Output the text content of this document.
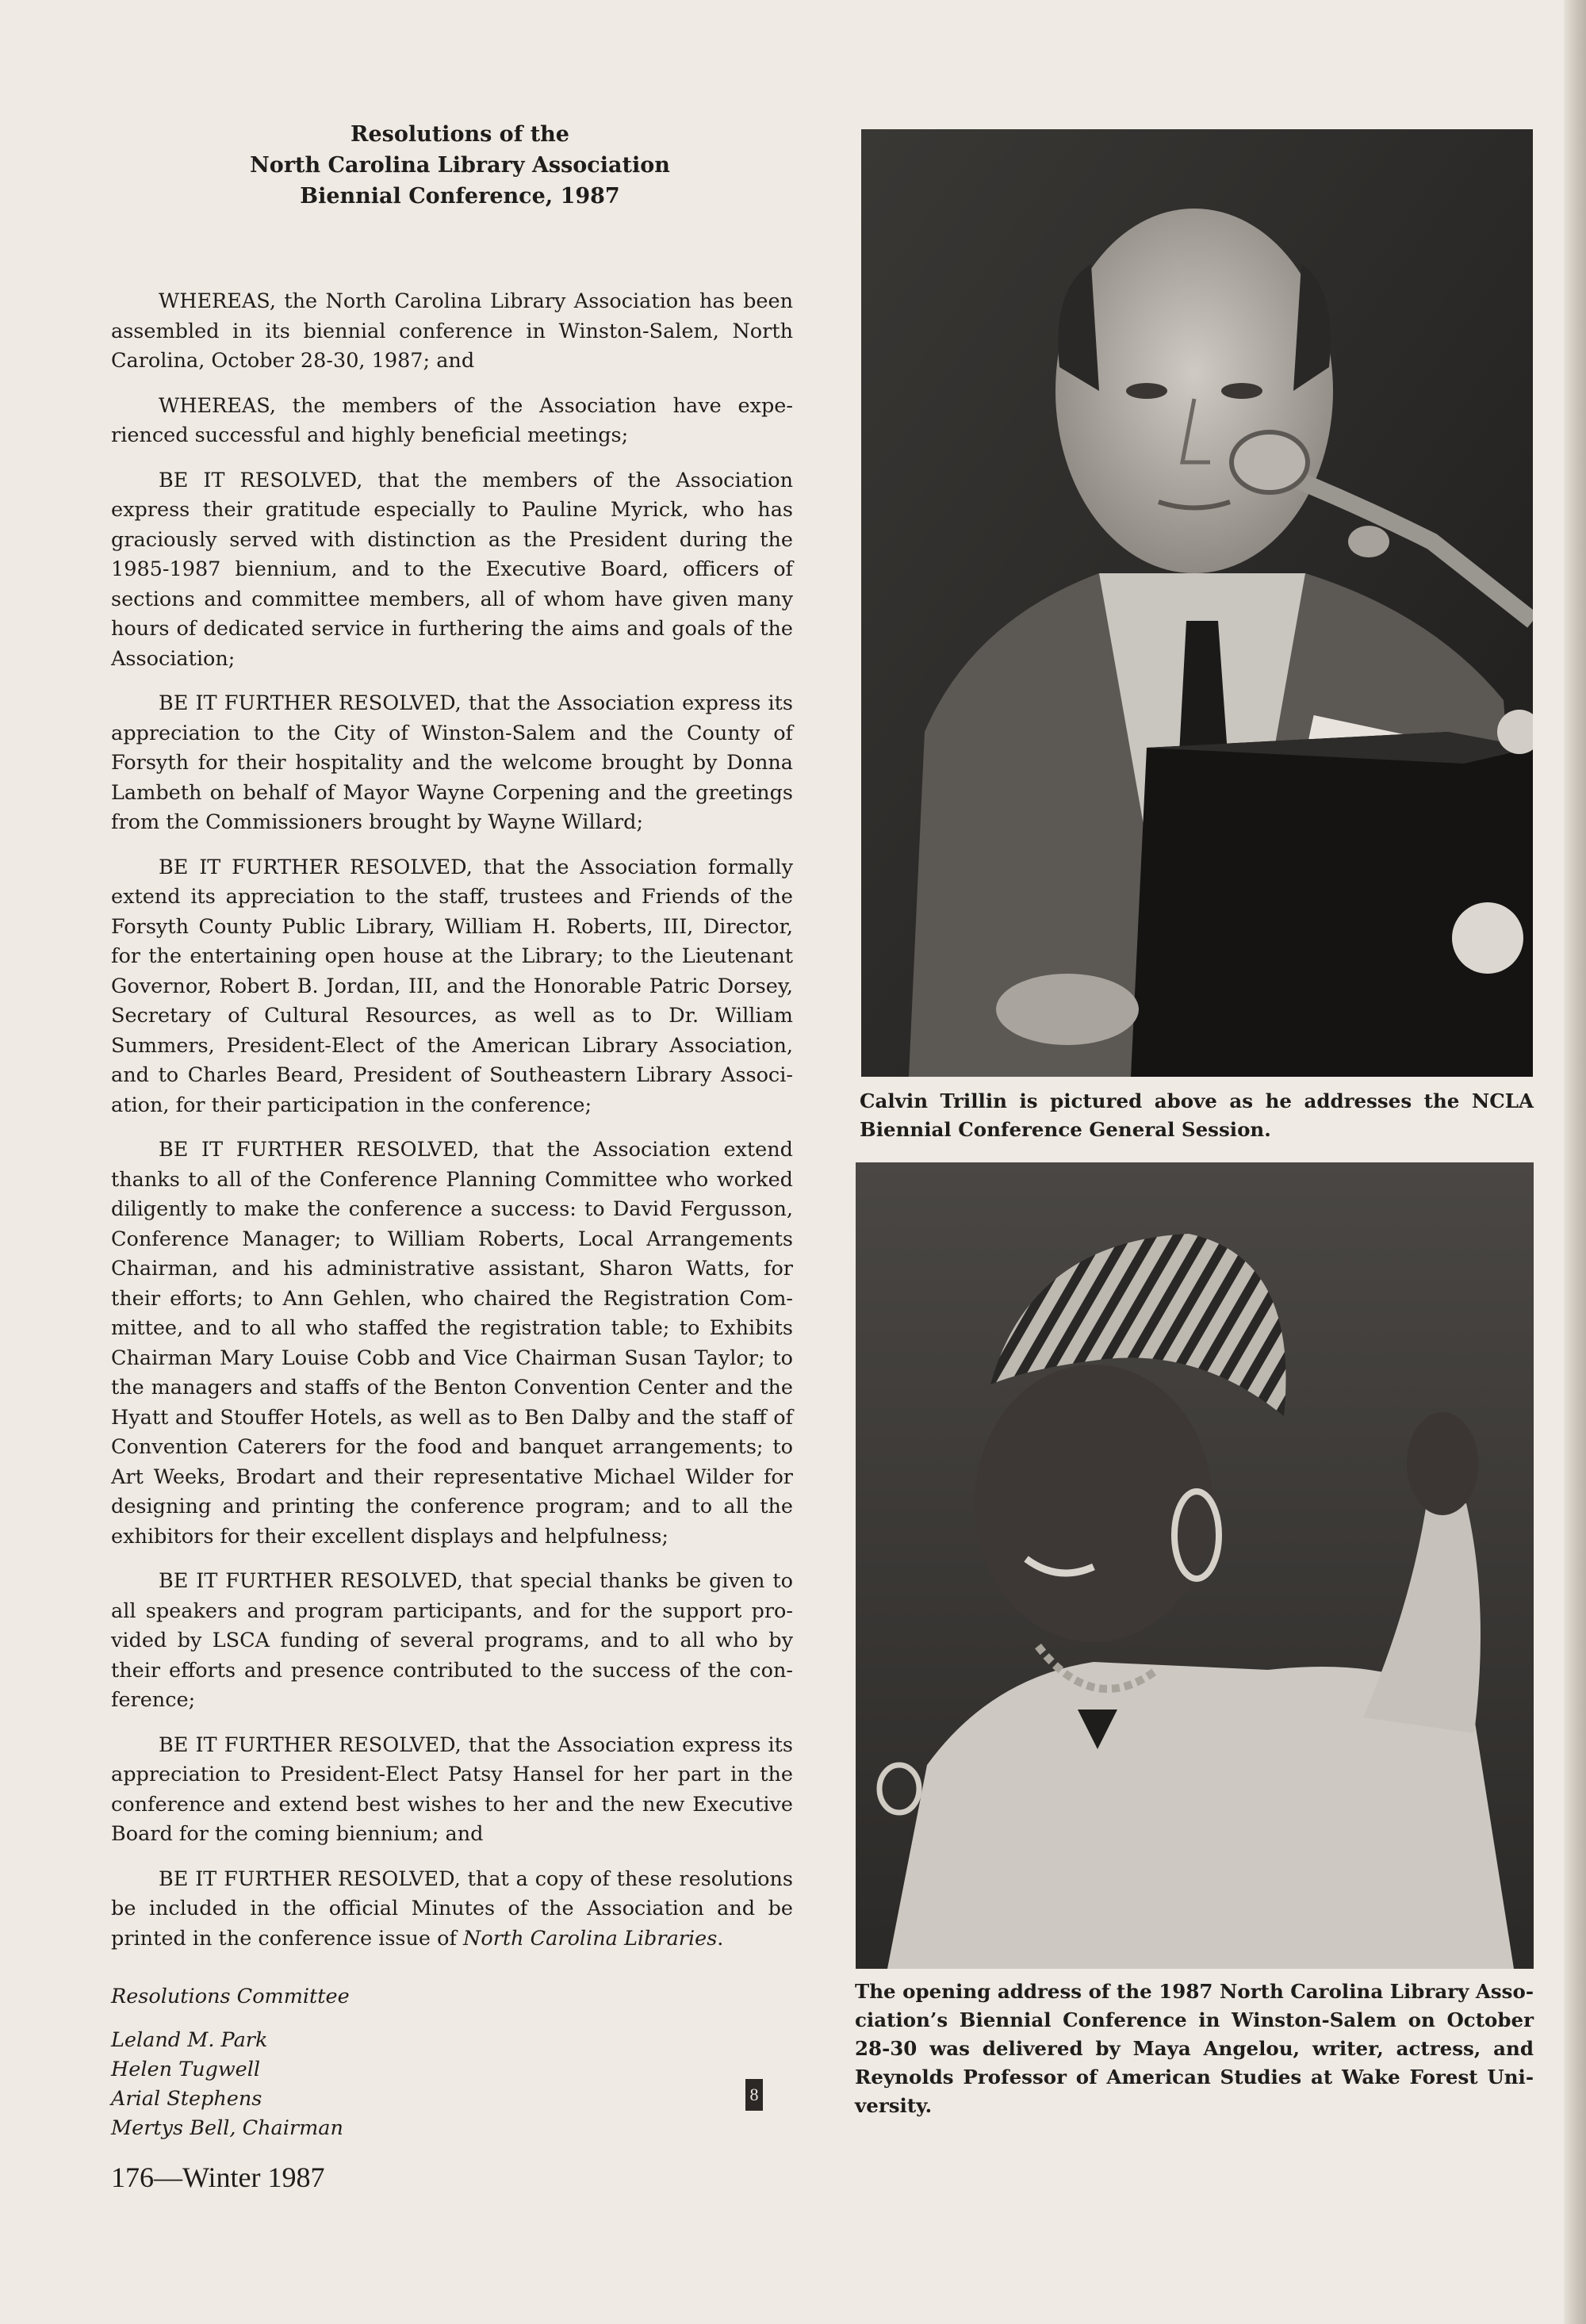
Resolutions of the
North Carolina Library Association
Biennial Conference, 1987

WHEREAS, the North Carolina Library Association has been assembled in its biennial conference in Winston-Salem, North Carolina, October 28-30, 1987; and

WHEREAS, the members of the Association have experienced successful and highly beneficial meetings;

BE IT RESOLVED, that the members of the Association express their gratitude especially to Pauline Myrick, who has graciously served with distinction as the President during the 1985-1987 biennium, and to the Executive Board, officers of sections and committee members, all of whom have given many hours of dedicated service in furthering the aims and goals of the Association;

BE IT FURTHER RESOLVED, that the Association express its appreciation to the City of Winston-Salem and the County of Forsyth for their hospitality and the welcome brought by Donna Lambeth on behalf of Mayor Wayne Corpening and the greetings from the Commissioners brought by Wayne Willard;

BE IT FURTHER RESOLVED, that the Association formally extend its appreciation to the staff, trustees and Friends of the Forsyth County Public Library, William H. Roberts, III, Director, for the entertaining open house at the Library; to the Lieutenant Governor, Robert B. Jordan, III, and the Honorable Patric Dorsey, Secretary of Cultural Resources, as well as to Dr. William Summers, President-Elect of the American Library Association, and to Charles Beard, President of Southeastern Library Association, for their participation in the conference;

BE IT FURTHER RESOLVED, that the Association extend thanks to all of the Conference Planning Committee who worked diligently to make the conference a success: to David Fergusson, Conference Manager; to William Roberts, Local Arrangements Chairman, and his administrative assistant, Sharon Watts, for their efforts; to Ann Gehlen, who chaired the Registration Committee, and to all who staffed the registration table; to Exhibits Chairman Mary Louise Cobb and Vice Chairman Susan Taylor; to the managers and staffs of the Benton Convention Center and the Hyatt and Stouffer Hotels, as well as to Ben Dalby and the staff of Convention Caterers for the food and banquet arrangements; to Art Weeks, Brodart and their representative Michael Wilder for designing and printing the conference program; and to all the exhibitors for their excellent displays and helpfulness;

BE IT FURTHER RESOLVED, that special thanks be given to all speakers and program participants, and for the support provided by LSCA funding of several programs, and to all who by their efforts and presence contributed to the success of the conference;

BE IT FURTHER RESOLVED, that the Association express its appreciation to President-Elect Patsy Hansel for her part in the conference and extend best wishes to her and the new Executive Board for the coming biennium; and

BE IT FURTHER RESOLVED, that a copy of these resolutions be included in the official Minutes of the Association and be printed in the conference issue of North Carolina Libraries.

Resolutions Committee
Leland M. Park
Helen Tugwell
Arial Stephens
Mertys Bell, Chairman
8
176—Winter 1987
Calvin Trillin is pictured above as he addresses the NCLA Biennial Conference General Session.
The opening address of the 1987 North Carolina Library Association’s Biennial Conference in Winston-Salem on October 28-30 was delivered by Maya Angelou, writer, actress, and Reynolds Professor of American Studies at Wake Forest University.
